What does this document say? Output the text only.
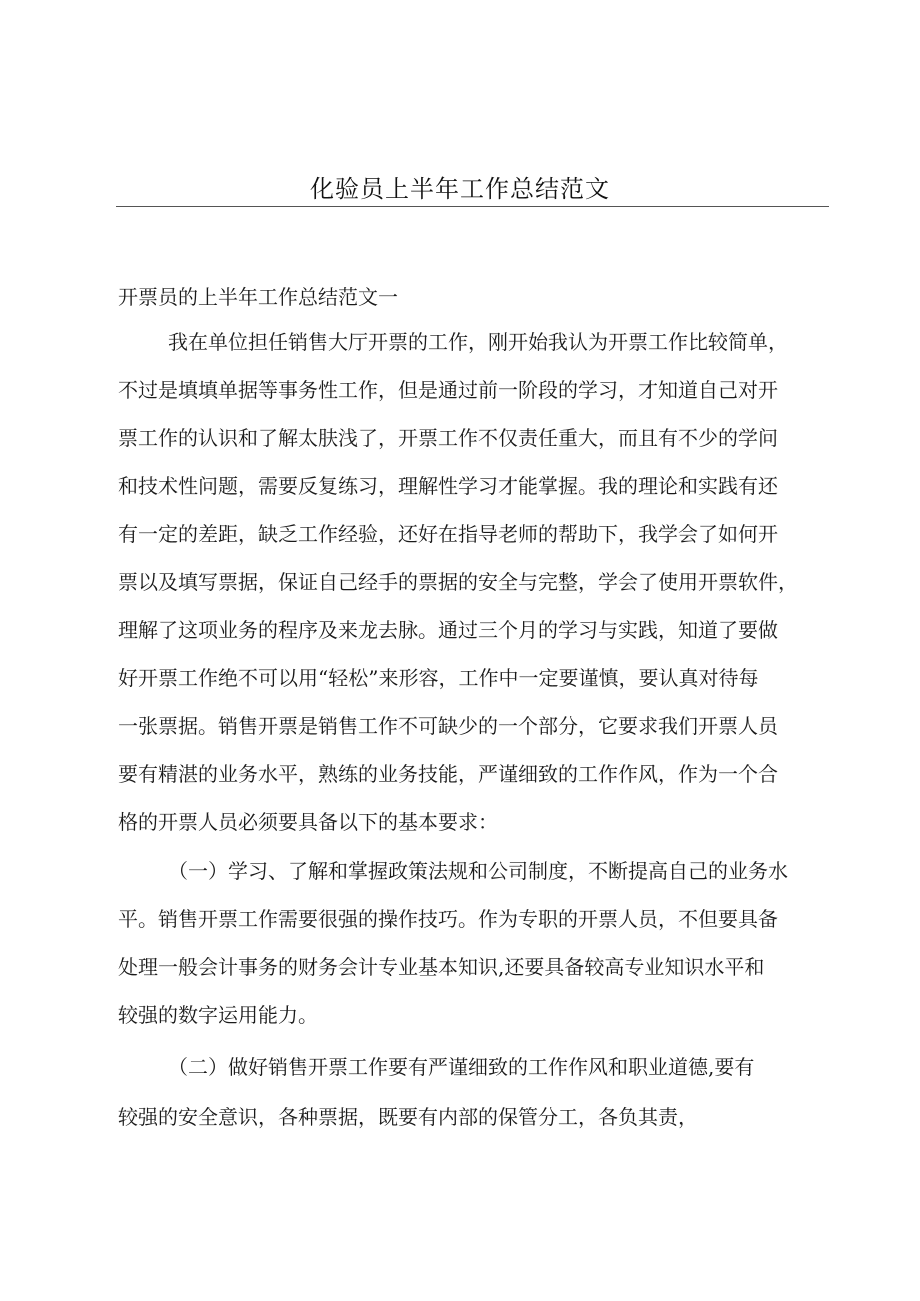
化验员上半年工作总结范文
开票员的上半年工作总结范文一
我在单位担任销售大厅开票的工作，刚开始我认为开票工作比较简单，
不过是填填单据等事务性工作，但是通过前一阶段的学习，才知道自己对开
票工作的认识和了解太肤浅了，开票工作不仅责任重大，而且有不少的学问
和技术性问题，需要反复练习，理解性学习才能掌握。我的理论和实践有还
有一定的差距，缺乏工作经验，还好在指导老师的帮助下，我学会了如何开
票以及填写票据，保证自己经手的票据的安全与完整，学会了使用开票软件，
理解了这项业务的程序及来龙去脉。通过三个月的学习与实践，知道了要做
好开票工作绝不可以用“轻松”来形容，工作中一定要谨慎，要认真对待每
一张票据。销售开票是销售工作不可缺少的一个部分，它要求我们开票人员
要有精湛的业务水平，熟练的业务技能，严谨细致的工作作风，作为一个合
格的开票人员必须要具备以下的基本要求：
（一）学习、了解和掌握政策法规和公司制度，不断提高自己的业务水
平。销售开票工作需要很强的操作技巧。作为专职的开票人员，不但要具备
处理一般会计事务的财务会计专业基本知识,还要具备较高专业知识水平和
较强的数字运用能力。
（二）做好销售开票工作要有严谨细致的工作作风和职业道德,要有
较强的安全意识，各种票据，既要有内部的保管分工，各负其责，
